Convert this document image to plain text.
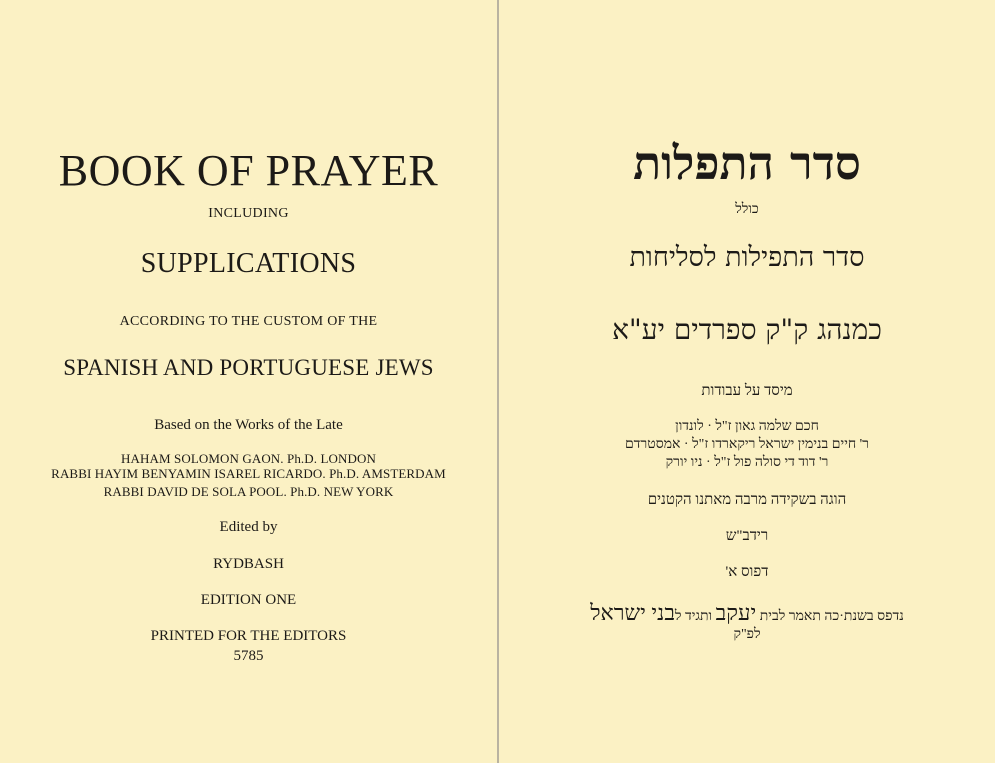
BOOK OF PRAYER
INCLUDING
SUPPLICATIONS
ACCORDING TO THE CUSTOM OF THE
SPANISH AND PORTUGUESE JEWS
Based on the Works of the Late
HAHAM SOLOMON GAON. Ph.D. LONDON
RABBI HAYIM BENYAMIN ISAREL RICARDO. Ph.D. AMSTERDAM
RABBI DAVID DE SOLA POOL. Ph.D. NEW YORK
Edited by
RYDBASH
EDITION ONE
PRINTED FOR THE EDITORS
5785
סדר התפלות
כולל
סדר התפילות לסליחות
כמנהג ק"ק ספרדים יע"א
מיסד על עבודות
חכם שלמה גאון ז"ל · לונדון
ר' חיים בנימין ישראל ריקארדו ז"ל · אמסטרדם
ר' דוד די סולה פול ז"ל · ניו יורק
הוגה בשקידה מרבה מאתנו הקטנים
רידב"ש
דפוס א'
נדפס בשנת·כה תאמר לבית יעקב ותגיד לבני ישראל
לפ"ק
